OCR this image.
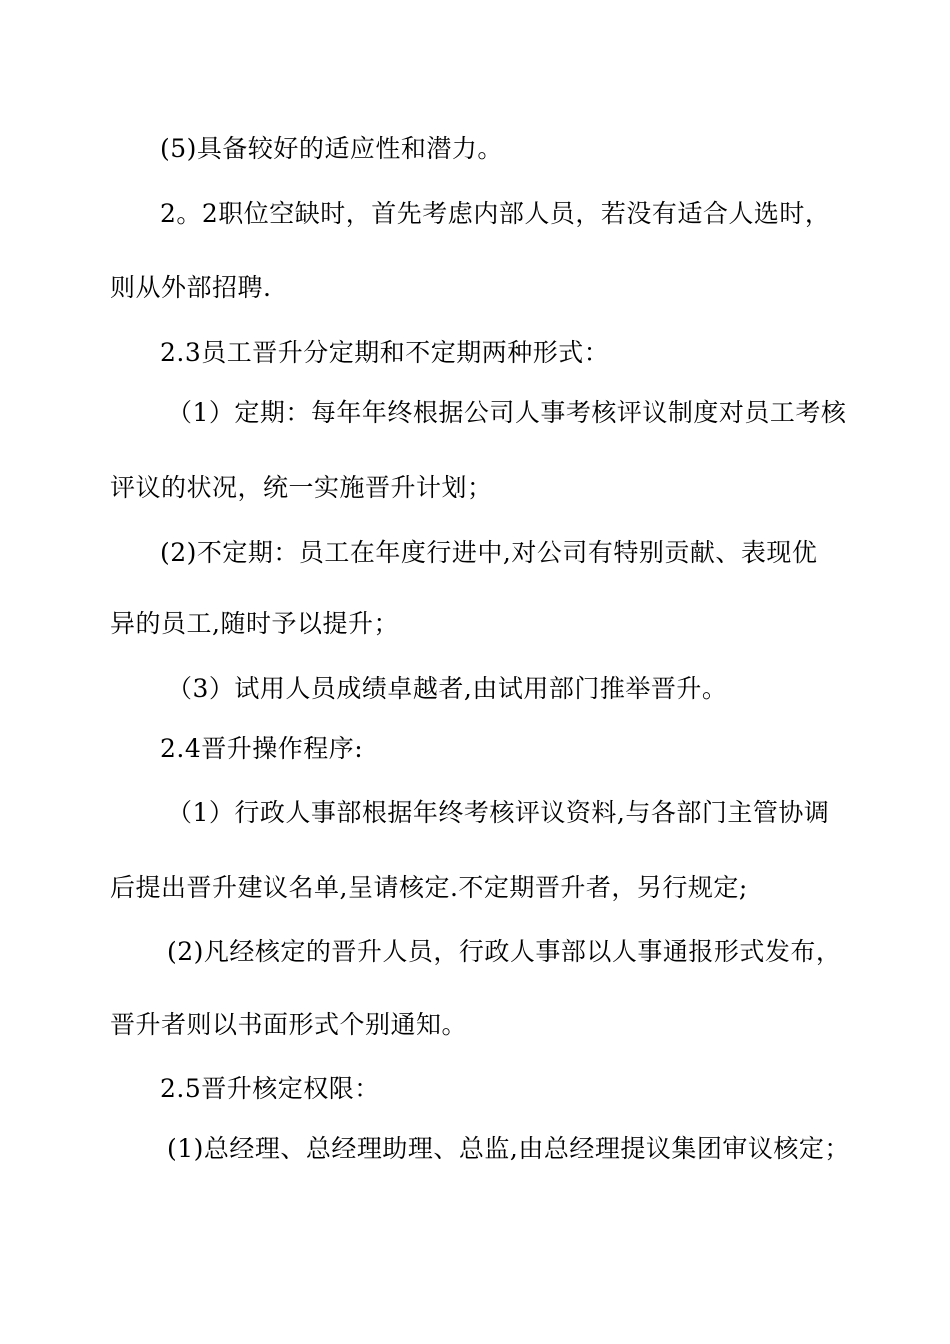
(5)具备较好的适应性和潜力。
2。2职位空缺时，首先考虑内部人员，若没有适合人选时，
则从外部招聘.
2.3员工晋升分定期和不定期两种形式：
（1）定期：每年年终根据公司人事考核评议制度对员工考核
评议的状况，统一实施晋升计划；
(2)不定期：员工在年度行进中,对公司有特别贡献、表现优
异的员工,随时予以提升；
（3）试用人员成绩卓越者,由试用部门推举晋升。
2.4晋升操作程序:
（1）行政人事部根据年终考核评议资料,与各部门主管协调
后提出晋升建议名单,呈请核定.不定期晋升者，另行规定;
(2)凡经核定的晋升人员，行政人事部以人事通报形式发布，
晋升者则以书面形式个别通知。
2.5晋升核定权限：
(1)总经理、总经理助理、总监,由总经理提议集团审议核定；
